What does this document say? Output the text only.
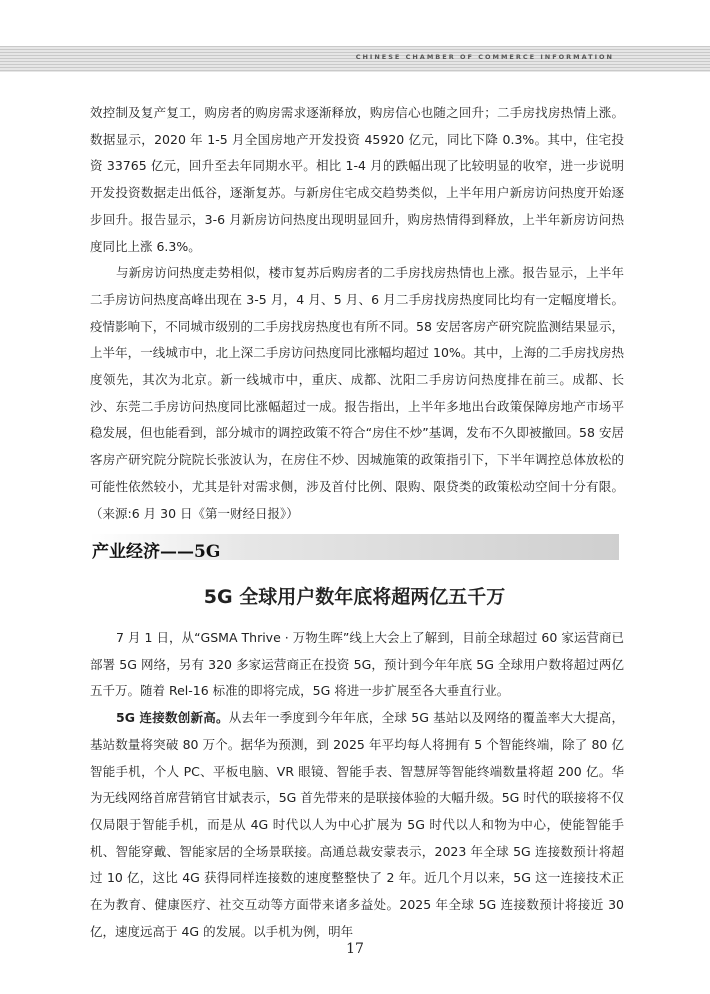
CHINESE CHAMBER OF COMMERCE INFORMATION

效控制及复产复工，购房者的购房需求逐渐释放，购房信心也随之回升；二手房找房热情上涨。数据显示，2020 年 1-5 月全国房地产开发投资 45920 亿元，同比下降 0.3%。其中，住宅投资 33765 亿元，回升至去年同期水平。相比 1-4 月的跌幅出现了比较明显的收窄，进一步说明开发投资数据走出低谷，逐渐复苏。与新房住宅成交趋势类似，上半年用户新房访问热度开始逐步回升。报告显示，3-6 月新房访问热度出现明显回升，购房热情得到释放，上半年新房访问热度同比上涨 6.3%。

与新房访问热度走势相似，楼市复苏后购房者的二手房找房热情也上涨。报告显示，上半年二手房访问热度高峰出现在 3-5 月，4 月、5 月、6 月二手房找房热度同比均有一定幅度增长。疫情影响下，不同城市级别的二手房找房热度也有所不同。58 安居客房产研究院监测结果显示，上半年，一线城市中，北上深二手房访问热度同比涨幅均超过 10%。其中，上海的二手房找房热度领先，其次为北京。新一线城市中，重庆、成都、沈阳二手房访问热度排在前三。成都、长沙、东莞二手房访问热度同比涨幅超过一成。报告指出，上半年多地出台政策保障房地产市场平稳发展，但也能看到，部分城市的调控政策不符合“房住不炒”基调，发布不久即被撤回。58 安居客房产研究院分院院长张波认为，在房住不炒、因城施策的政策指引下，下半年调控总体放松的可能性依然较小，尤其是针对需求侧，涉及首付比例、限购、限贷类的政策松动空间十分有限。（来源:6 月 30 日《第一财经日报》）

产业经济——5G
5G 全球用户数年底将超两亿五千万

7 月 1 日，从“GSMA Thrive · 万物生晖”线上大会上了解到，目前全球超过 60 家运营商已部署 5G 网络，另有 320 多家运营商正在投资 5G，预计到今年年底 5G 全球用户数将超过两亿五千万。随着 Rel-16 标准的即将完成，5G 将进一步扩展至各大垂直行业。

5G 连接数创新高。从去年一季度到今年年底，全球 5G 基站以及网络的覆盖率大大提高，基站数量将突破 80 万个。据华为预测，到 2025 年平均每人将拥有 5 个智能终端，除了 80 亿智能手机，个人 PC、平板电脑、VR 眼镜、智能手表、智慧屏等智能终端数量将超 200 亿。华为无线网络首席营销官甘斌表示，5G 首先带来的是联接体验的大幅升级。5G 时代的联接将不仅仅局限于智能手机，而是从 4G 时代以人为中心扩展为 5G 时代以人和物为中心，使能智能手机、智能穿戴、智能家居的全场景联接。高通总裁安蒙表示，2023 年全球 5G 连接数预计将超过 10 亿，这比 4G 获得同样连接数的速度整整快了 2 年。近几个月以来，5G 这一连接技术正在为教育、健康医疗、社交互动等方面带来诸多益处。2025 年全球 5G 连接数预计将接近 30 亿，速度远高于 4G 的发展。以手机为例，明年

17
